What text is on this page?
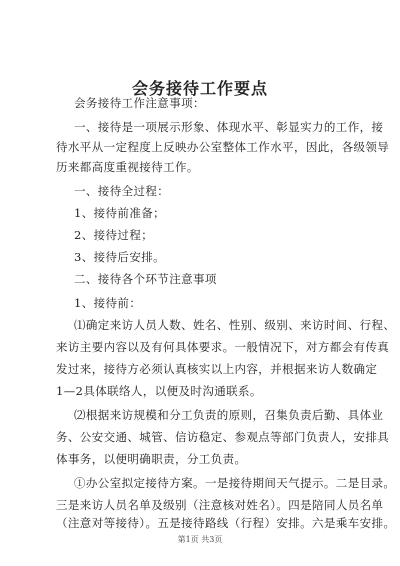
会务接待工作要点
会务接待工作注意事项：
一、接待是一项展示形象、体现水平、彰显实力的工作，接
待水平从一定程度上反映办公室整体工作水平，因此，各级领导
历来都高度重视接待工作。
一、接待全过程：
1、接待前准备；
2、接待过程；
3、接待后安排。
二、接待各个环节注意事项
1、接待前：
⑴确定来访人员人数、姓名、性别、级别、来访时间、行程、
来访主要内容以及有何具体要求。一般情况下，对方都会有传真
发过来，接待方必须认真核实以上内容，并根据来访人数确定
1—2具体联络人，以便及时沟通联系。
⑵根据来访规模和分工负责的原则，召集负责后勤、具体业
务、公安交通、城管、信访稳定、参观点等部门负责人，安排具
体事务，以便明确职责，分工负责。
①办公室拟定接待方案。一是接待期间天气提示。二是目录。
三是来访人员名单及级别（注意核对姓名）。四是陪同人员名单
（注意对等接待）。五是接待路线（行程）安排。六是乘车安排。
第1页 共3页
